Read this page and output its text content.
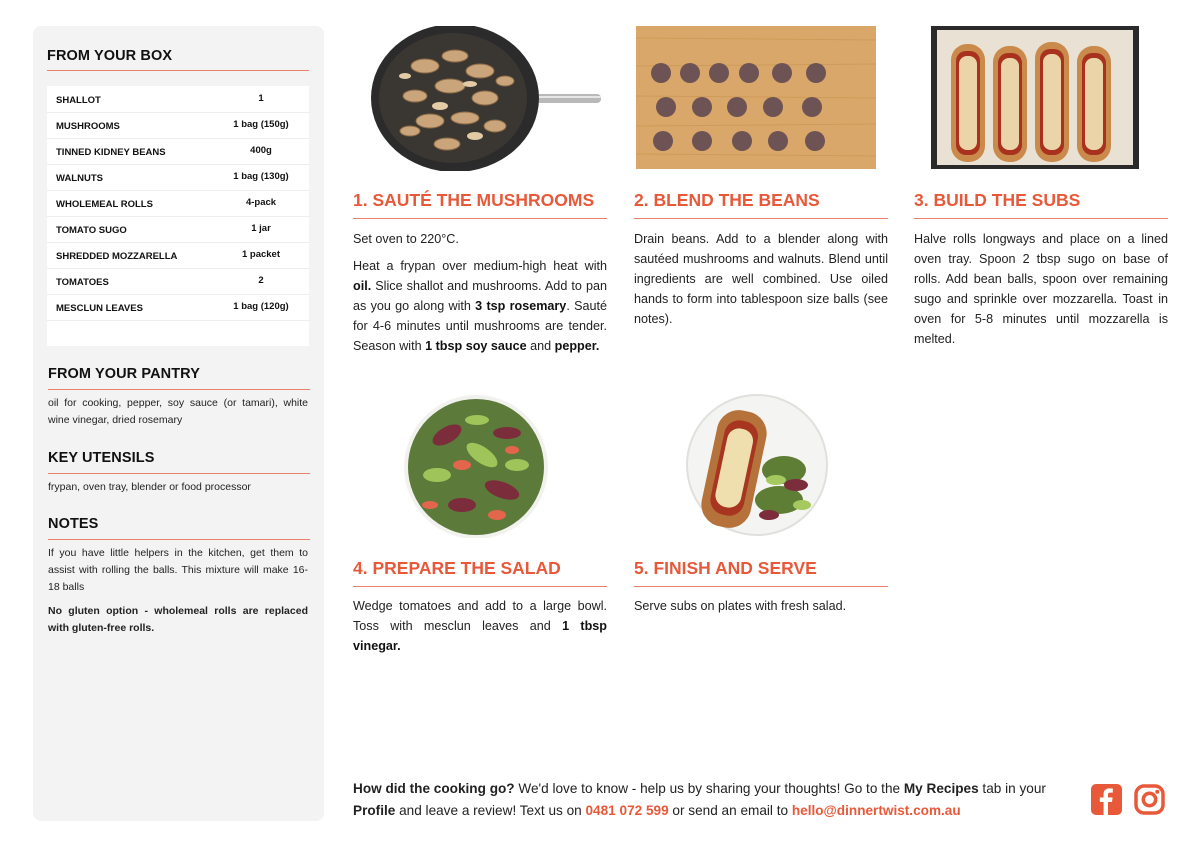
FROM YOUR BOX
SHALLOT	1
MUSHROOMS	1 bag (150g)
TINNED KIDNEY BEANS	400g
WALNUTS	1 bag (130g)
WHOLEMEAL ROLLS	4-pack
TOMATO SUGO	1 jar
SHREDDED MOZZARELLA	1 packet
TOMATOES	2
MESCLUN LEAVES	1 bag (120g)
FROM YOUR PANTRY
oil for cooking, pepper, soy sauce (or tamari), white wine vinegar, dried rosemary
KEY UTENSILS
frypan, oven tray, blender or food processor
NOTES
If you have little helpers in the kitchen, get them to assist with rolling the balls. This mixture will make 16-18 balls
No gluten option - wholemeal rolls are replaced with gluten-free rolls.
1. SAUTÉ THE MUSHROOMS

Set oven to 220°C.

Heat a frypan over medium-high heat with oil. Slice shallot and mushrooms. Add to pan as you go along with 3 tsp rosemary. Sauté for 4-6 minutes until mushrooms are tender. Season with 1 tbsp soy sauce and pepper.

2. BLEND THE BEANS

Drain beans. Add to a blender along with sautéed mushrooms and walnuts. Blend until ingredients are well combined. Use oiled hands to form into tablespoon size balls (see notes).

3. BUILD THE SUBS

Halve rolls longways and place on a lined oven tray. Spoon 2 tbsp sugo on base of rolls. Add bean balls, spoon over remaining sugo and sprinkle over mozzarella. Toast in oven for 5-8 minutes until mozzarella is melted.

4. PREPARE THE SALAD

Wedge tomatoes and add to a large bowl. Toss with mesclun leaves and 1 tbsp vinegar.

5. FINISH AND SERVE

Serve subs on plates with fresh salad.

How did the cooking go? We'd love to know - help us by sharing your thoughts! Go to the My Recipes tab in your Profile and leave a review! Text us on 0481 072 599 or send an email to hello@dinnertwist.com.au
